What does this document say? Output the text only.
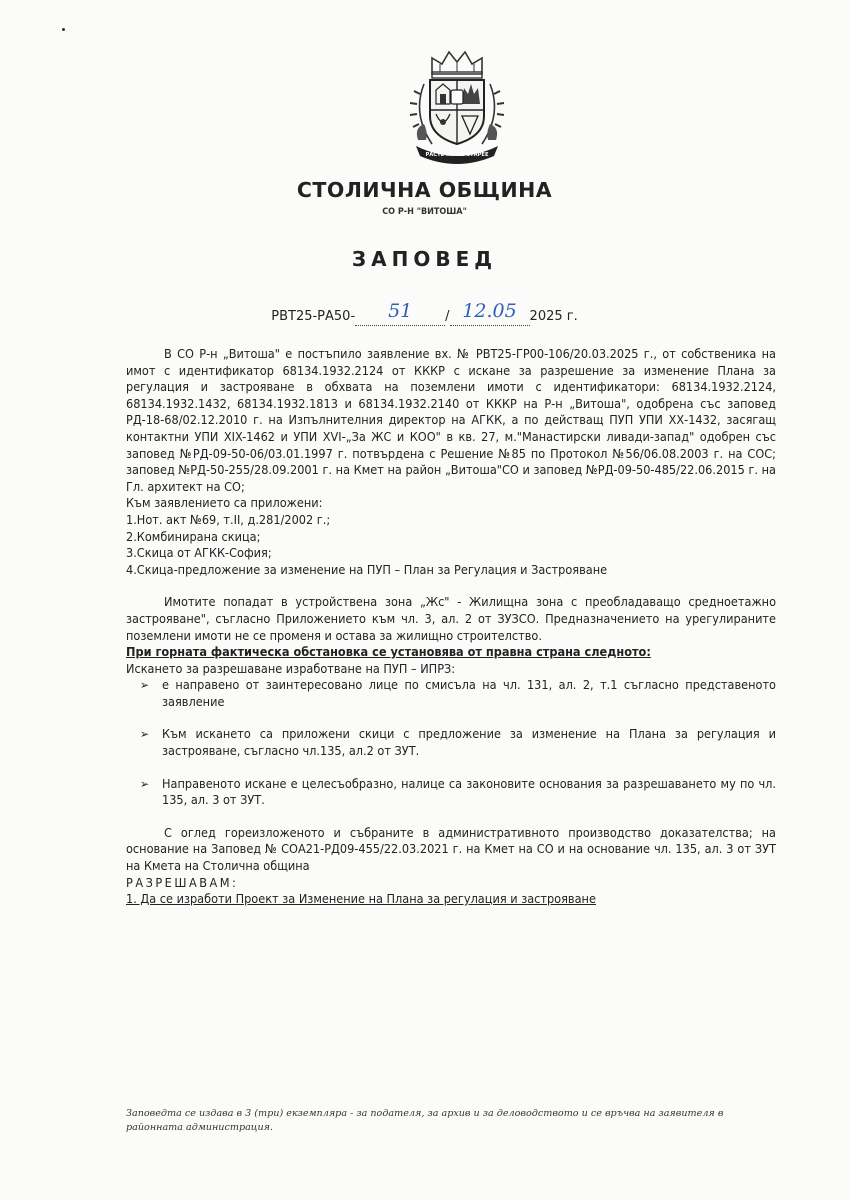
РАСТЕ НО НЕ СТАРЕЕ
СТОЛИЧНА ОБЩИНА
СО Р-Н "ВИТОША"
ЗАПОВЕД
РВТ25-РА50- 51	/ 12.05 2025 г.

В СО Р-н „Витоша" е постъпило заявление вх. № РВТ25-ГР00-106/20.03.2025 г., от собственика на имот с идентификатор 68134.1932.2124 от КККР с искане за разрешение за изменение Плана за регулация и застрояване в обхвата на поземлени имоти с идентификатори: 68134.1932.2124, 68134.1932.1432, 68134.1932.1813 и 68134.1932.2140 от КККР на Р-н „Витоша", одобрена със заповед РД-18-68/02.12.2010 г. на Изпълнителния директор на АГКК, а по действащ ПУП УПИ ХХ-1432, засягащ контактни УПИ XIX-1462 и УПИ XVI-„За ЖС и КОО" в кв. 27, м."Манастирски ливади-запад" одобрен със заповед №РД-09-50-06/03.01.1997 г. потвърдена с Решение №85 по Протокол №56/06.08.2003 г. на СОС; заповед №РД-50-255/28.09.2001 г. на Кмет на район „Витоша"СО и заповед №РД-09-50-485/22.06.2015 г. на Гл. архитект на СО;

Към заявлението са приложени:

1.Нот. акт №69, т.II, д.281/2002 г.;

2.Комбинирана скица;

3.Скица от АГКК-София;

4.Скица-предложение за изменение на ПУП – План за Регулация и Застрояване

Имотите попадат в устройствена зона „Жс" - Жилищна зона с преобладаващо средноетажно застрояване", съгласно Приложението към чл. 3, ал. 2 от ЗУЗСО. Предназначението на урегулираните поземлени имоти не се променя и остава за жилищно строителство.

При горната фактическа обстановка се установява от правна страна следното:

Искането за разрешаване изработване на ПУП – ИПРЗ:

➢	е направено от заинтересовано лице по смисъла на чл. 131, ал. 2, т.1 съгласно представеното заявление
➢	Към искането са приложени скици с предложение за изменение на Плана за регулация и застрояване, съгласно чл.135, ал.2 от ЗУТ.
➢	Направеното искане е целесъобразно, налице са законовите основания за разрешаването му по чл. 135, ал. 3 от ЗУТ.

С оглед гореизложеното и събраните в административното производство доказателства; на основание на Заповед № СОА21-РД09-455/22.03.2021 г. на Кмет на СО и на основание чл. 135, ал. 3 от ЗУТ на Кмета на Столична община

РАЗРЕШАВАМ:

1. Да се изработи Проект за Изменение на Плана за регулация и застрояване

Заповедта се издава в 3 (три) екземпляра - за подателя, за архив и за деловодството и се връчва на заявителя в районната администрация.
